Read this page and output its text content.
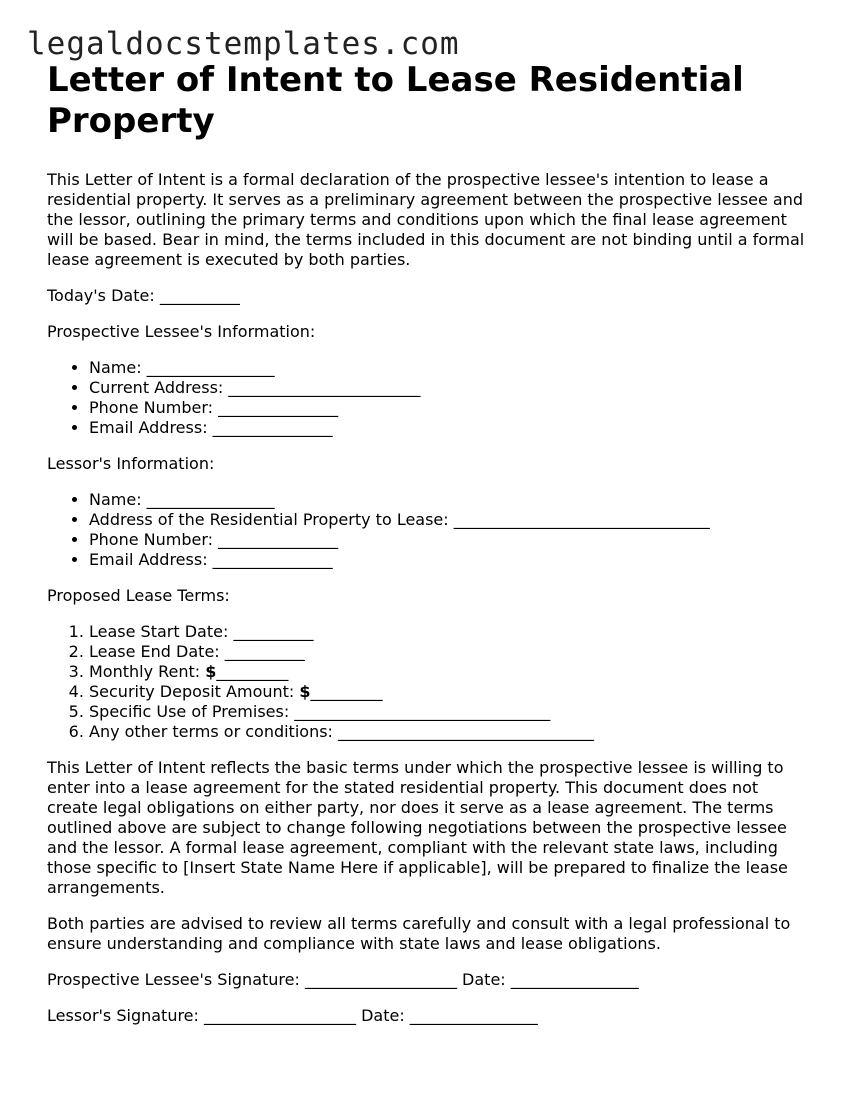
legaldocstemplates.com
Letter of Intent to Lease Residential Property

This Letter of Intent is a formal declaration of the prospective lessee's intention to lease a residential property. It serves as a preliminary agreement between the prospective lessee and the lessor, outlining the primary terms and conditions upon which the final lease agreement will be based. Bear in mind, the terms included in this document are not binding until a formal lease agreement is executed by both parties.

Today's Date: __________

Prospective Lessee's Information:

• Name: ________________
• Current Address: ________________________
• Phone Number: _______________
• Email Address: _______________

Lessor's Information:

• Name: ________________
• Address of the Residential Property to Lease: ________________________________
• Phone Number: _______________
• Email Address: _______________

Proposed Lease Terms:

1. Lease Start Date: __________
2. Lease End Date: __________
3. Monthly Rent: $_________
4. Security Deposit Amount: $_________
5. Specific Use of Premises: ________________________________
6. Any other terms or conditions: ________________________________

This Letter of Intent reflects the basic terms under which the prospective lessee is willing to enter into a lease agreement for the stated residential property. This document does not create legal obligations on either party, nor does it serve as a lease agreement. The terms outlined above are subject to change following negotiations between the prospective lessee and the lessor. A formal lease agreement, compliant with the relevant state laws, including those specific to [Insert State Name Here if applicable], will be prepared to finalize the lease arrangements.

Both parties are advised to review all terms carefully and consult with a legal professional to ensure understanding and compliance with state laws and lease obligations.

Prospective Lessee's Signature: ___________________ Date: ________________

Lessor's Signature: ___________________ Date: ________________
